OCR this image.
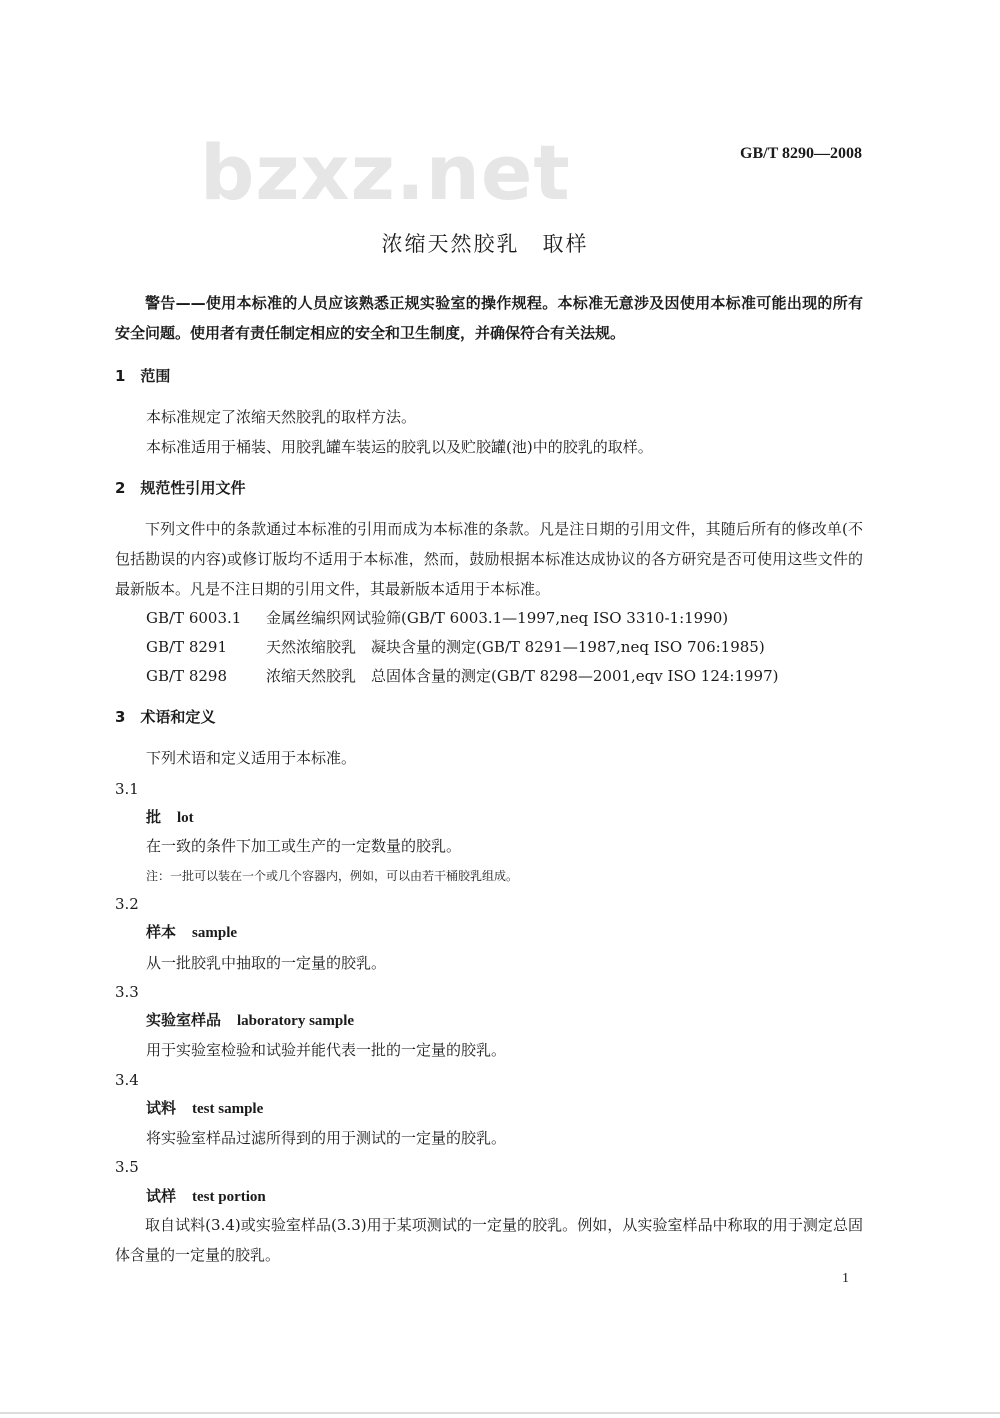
bzxz.net	GB/T 8290—2008
浓缩天然胶乳　取样
警告——使用本标准的人员应该熟悉正规实验室的操作规程。本标准无意涉及因使用本标准可能出现的所有安全问题。使用者有责任制定相应的安全和卫生制度，并确保符合有关法规。
1　范围
本标准规定了浓缩天然胶乳的取样方法。
本标准适用于桶装、用胶乳罐车装运的胶乳以及贮胶罐(池)中的胶乳的取样。
2　规范性引用文件
下列文件中的条款通过本标准的引用而成为本标准的条款。凡是注日期的引用文件，其随后所有的修改单(不包括勘误的内容)或修订版均不适用于本标准，然而，鼓励根据本标准达成协议的各方研究是否可使用这些文件的最新版本。凡是不注日期的引用文件，其最新版本适用于本标准。
GB/T 6003.1 金属丝编织网试验筛(GB/T 6003.1—1997,neq ISO 3310-1:1990)
GB/T 8291	天然浓缩胶乳　凝块含量的测定(GB/T 8291—1987,neq ISO 706:1985)
GB/T 8298	浓缩天然胶乳　总固体含量的测定(GB/T 8298—2001,eqv ISO 124:1997)
3　术语和定义
下列术语和定义适用于本标准。
3.1
批 lot
在一致的条件下加工或生产的一定数量的胶乳。
注：一批可以装在一个或几个容器内，例如，可以由若干桶胶乳组成。
3.2
样本 sample
从一批胶乳中抽取的一定量的胶乳。
3.3
实验室样品 laboratory sample
用于实验室检验和试验并能代表一批的一定量的胶乳。
3.4
试料 test sample
将实验室样品过滤所得到的用于测试的一定量的胶乳。
3.5
试样 test portion
取自试料(3.4)或实验室样品(3.3)用于某项测试的一定量的胶乳。例如，从实验室样品中称取的用于测定总固体含量的一定量的胶乳。
1
